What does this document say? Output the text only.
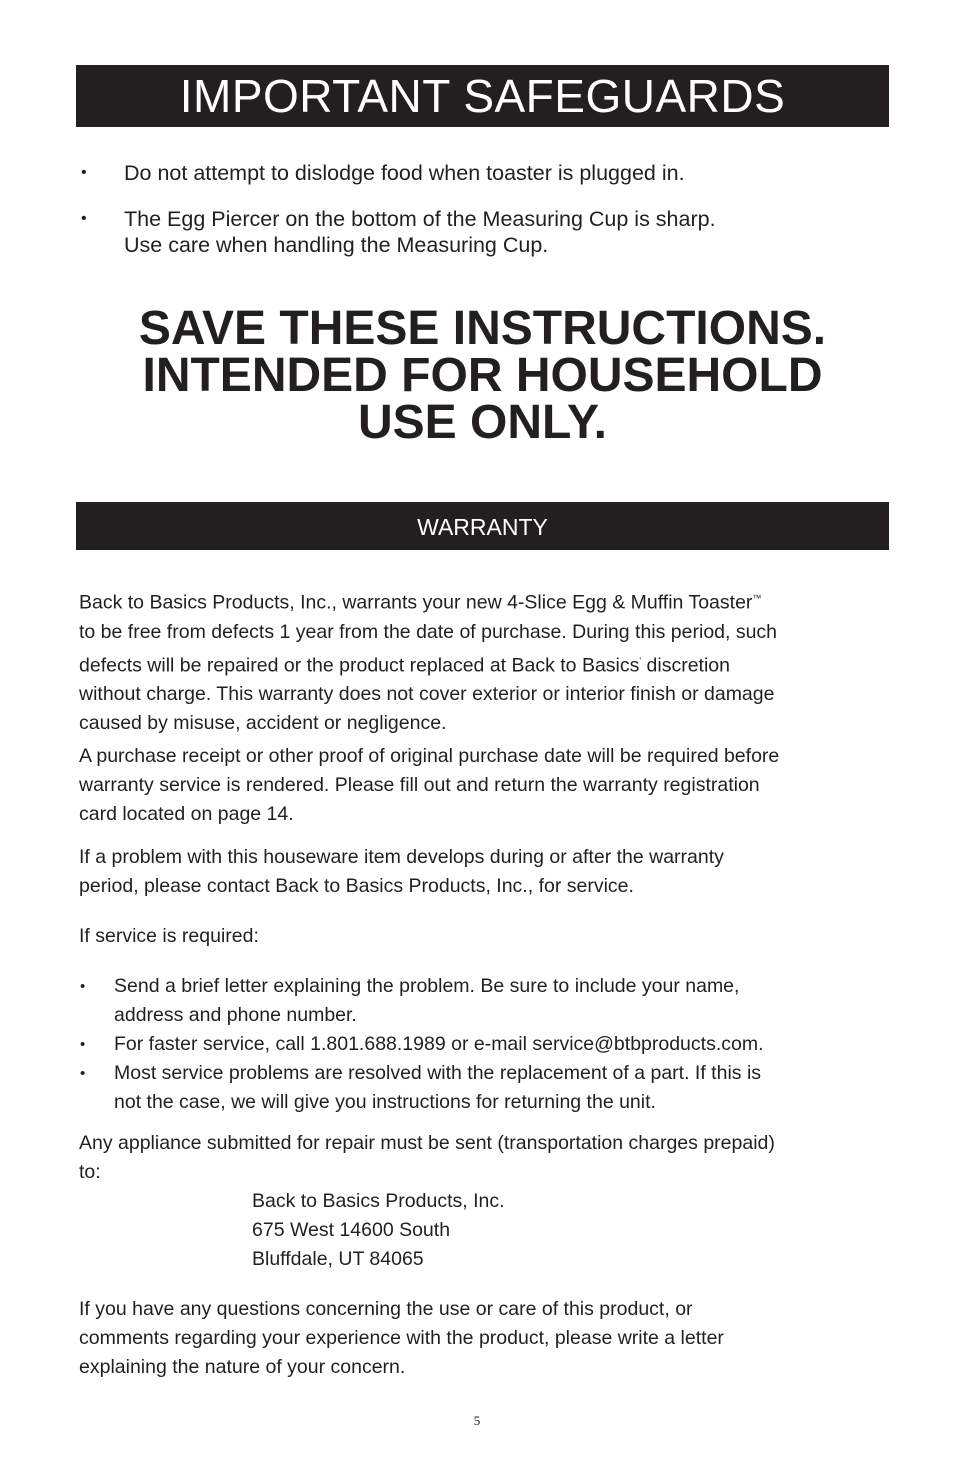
IMPORTANT SAFEGUARDS
• Do not attempt to dislodge food when toaster is plugged in.
• The Egg Piercer on the bottom of the Measuring Cup is sharp.
Use care when handling the Measuring Cup.
SAVE THESE INSTRUCTIONS.
INTENDED FOR HOUSEHOLD
USE ONLY.
WARRANTY

Back to Basics Products, Inc., warrants your new 4-Slice Egg & Muffin Toaster™
to be free from defects 1 year from the date of purchase. During this period, such
defects will be repaired or the product replaced at Back to Basics' discretion
without charge. This warranty does not cover exterior or interior finish or damage
caused by misuse, accident or negligence.

A purchase receipt or other proof of original purchase date will be required before
warranty service is rendered. Please fill out and return the warranty registration
card located on page 14.

If a problem with this houseware item develops during or after the warranty
period, please contact Back to Basics Products, Inc., for service.

If service is required:

• Send a brief letter explaining the problem. Be sure to include your name,
address and phone number.
• For faster service, call 1.801.688.1989 or e-mail service@btbproducts.com.
• Most service problems are resolved with the replacement of a part. If this is
not the case, we will give you instructions for returning the unit.

Any appliance submitted for repair must be sent (transportation charges prepaid)
to:

Back to Basics Products, Inc.
675 West 14600 South
Bluffdale, UT 84065

If you have any questions concerning the use or care of this product, or
comments regarding your experience with the product, please write a letter
explaining the nature of your concern.

5
